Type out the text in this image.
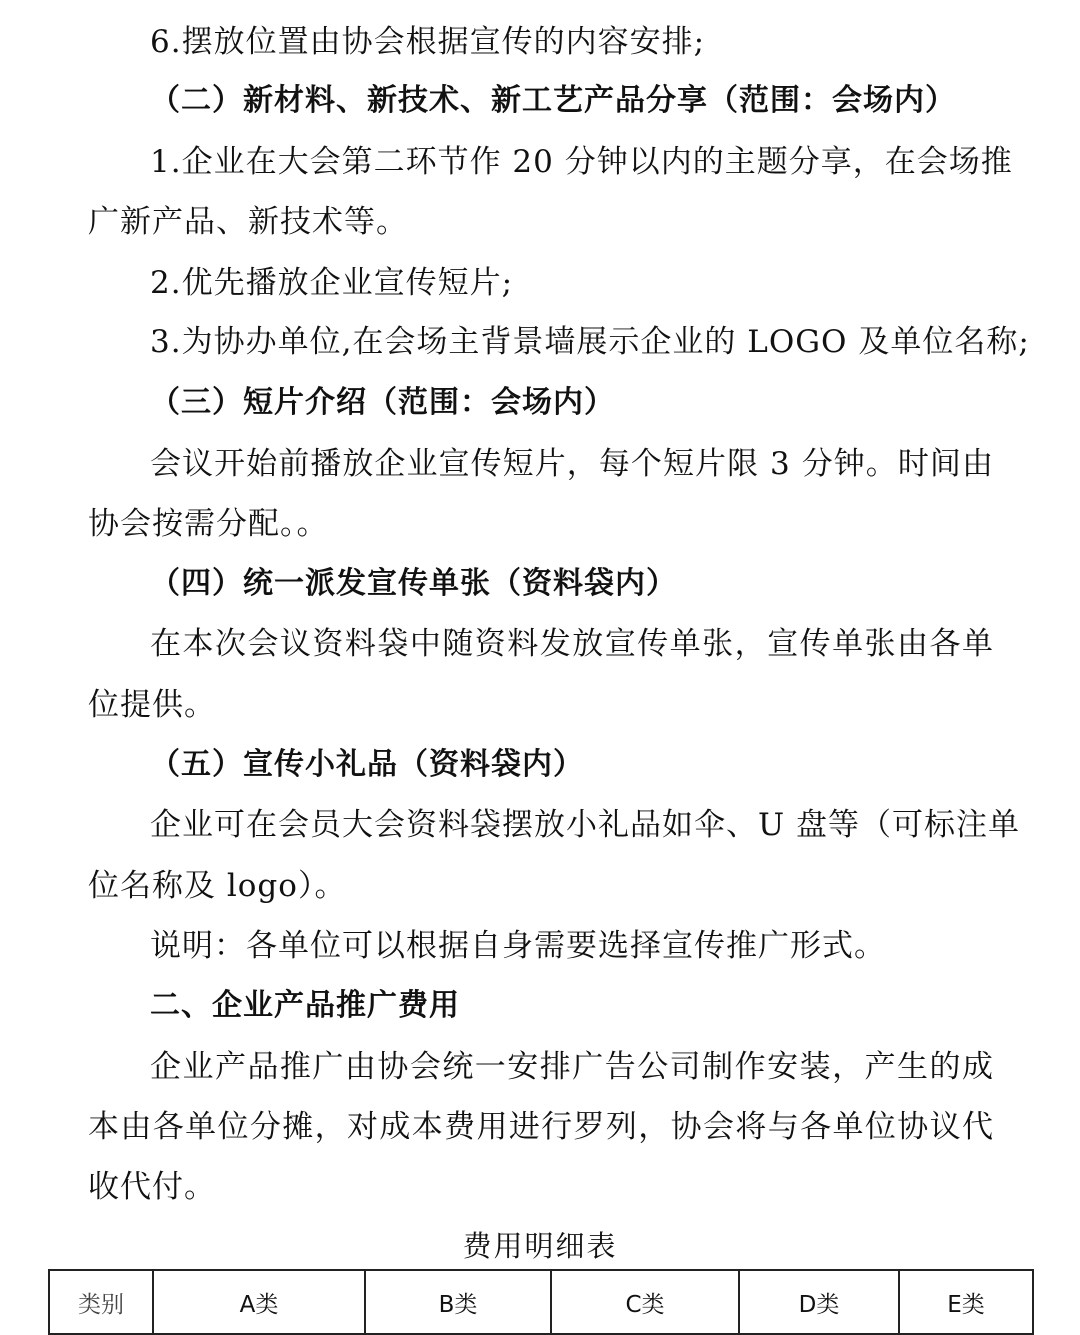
6.摆放位置由协会根据宣传的内容安排;
（二）新材料、新技术、新工艺产品分享（范围：会场内）
1.企业在大会第二环节作 20 分钟以内的主题分享，在会场推
广新产品、新技术等。
2.优先播放企业宣传短片;
3.为协办单位,在会场主背景墙展示企业的 LOGO 及单位名称;
（三）短片介绍（范围：会场内）
会议开始前播放企业宣传短片，每个短片限 3 分钟。时间由
协会按需分配。。
（四）统一派发宣传单张（资料袋内）
在本次会议资料袋中随资料发放宣传单张，宣传单张由各单
位提供。
（五）宣传小礼品（资料袋内）
企业可在会员大会资料袋摆放小礼品如伞、U 盘等（可标注单
位名称及 logo）。
说明：各单位可以根据自身需要选择宣传推广形式。
二、企业产品推广费用
企业产品推广由协会统一安排广告公司制作安装，产生的成
本由各单位分摊，对成本费用进行罗列，协会将与各单位协议代
收代付。
费用明细表
类别	A类	B类	C类	D类	E类
